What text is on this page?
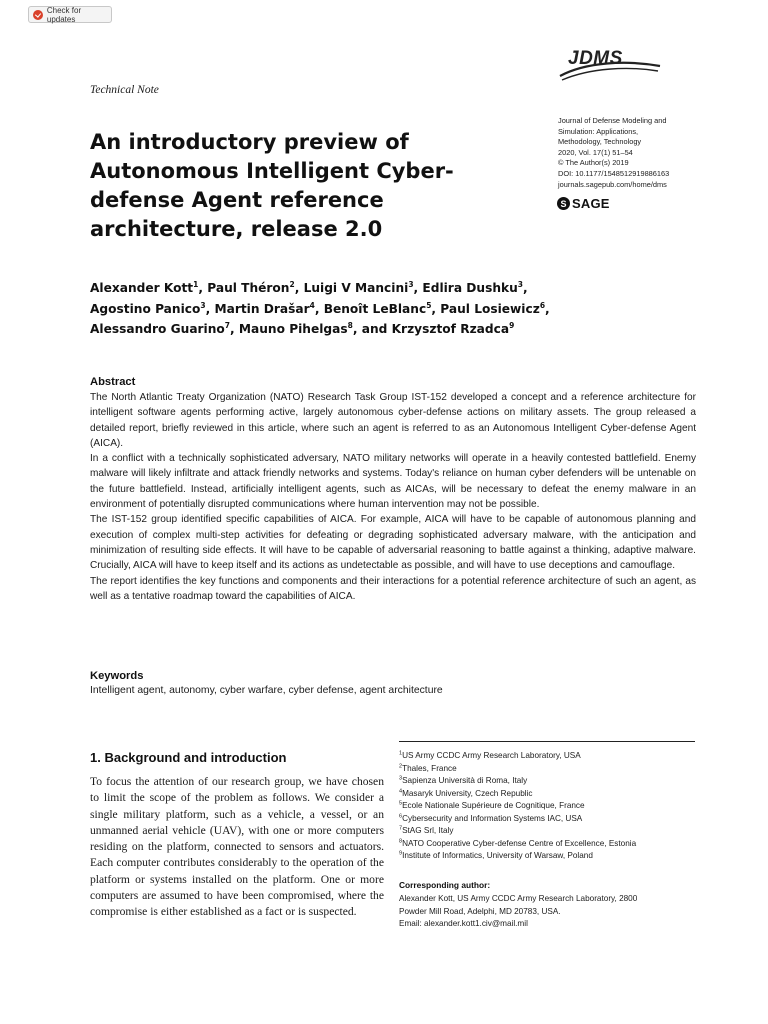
Check for updates
JDMS
Technical Note
An introductory preview of Autonomous Intelligent Cyber-defense Agent reference architecture, release 2.0
Journal of Defense Modeling and
Simulation: Applications,
Methodology, Technology
2020, Vol. 17(1) 51–54
© The Author(s) 2019
DOI: 10.1177/1548512919886163
journals.sagepub.com/home/dms
S SAGE
Alexander Kott$^1$, Paul Théron$^2$, Luigi V Mancini$^3$, Edlira Dushku$^3$,
Agostino Panico$^3$, Martin Drašar$^4$, Benoît LeBlanc$^5$, Paul Losiewicz$^6$,
Alessandro Guarino$^7$, Mauno Pihelgas$^8$, and Krzysztof Rzadca$^9$
Abstract

The North Atlantic Treaty Organization (NATO) Research Task Group IST-152 developed a concept and a reference architecture for intelligent software agents performing active, largely autonomous cyber-defense actions on military assets. The group released a detailed report, briefly reviewed in this article, where such an agent is referred to as an Autonomous Intelligent Cyber-defense Agent (AICA).

In a conflict with a technically sophisticated adversary, NATO military networks will operate in a heavily contested battlefield. Enemy malware will likely infiltrate and attack friendly networks and systems. Today's reliance on human cyber defenders will be untenable on the future battlefield. Instead, artificially intelligent agents, such as AICAs, will be necessary to defeat the enemy malware in an environment of potentially disrupted communications where human intervention may not be possible.

The IST-152 group identified specific capabilities of AICA. For example, AICA will have to be capable of autonomous planning and execution of complex multi-step activities for defeating or degrading sophisticated adversary malware, with the anticipation and minimization of resulting side effects. It will have to be capable of adversarial reasoning to battle against a thinking, adaptive malware. Crucially, AICA will have to keep itself and its actions as undetectable as possible, and will have to use deceptions and camouflage.

The report identifies the key functions and components and their interactions for a potential reference architecture of such an agent, as well as a tentative roadmap toward the capabilities of AICA.

Keywords
Intelligent agent, autonomy, cyber warfare, cyber defense, agent architecture
1. Background and introduction
To focus the attention of our research group, we have chosen to limit the scope of the problem as follows. We consider a single military platform, such as a vehicle, a vessel, or an unmanned aerial vehicle (UAV), with one or more computers residing on the platform, connected to sensors and actuators. Each computer contributes considerably to the operation of the platform or systems installed on the platform. One or more computers are assumed to have been compromised, where the compromise is either established as a fact or is suspected.
$^1$US Army CCDC Army Research Laboratory, USA
$^2$Thales, France
$^3$Sapienza Università di Roma, Italy
$^4$Masaryk University, Czech Republic
$^5$Ecole Nationale Supérieure de Cognitique, France
$^6$Cybersecurity and Information Systems IAC, USA
$^7$StAG Srl, Italy
$^8$NATO Cooperative Cyber-defense Centre of Excellence, Estonia
$^9$Institute of Informatics, University of Warsaw, Poland
Corresponding author:
Alexander Kott, US Army CCDC Army Research Laboratory, 2800
Powder Mill Road, Adelphi, MD 20783, USA.
Email: alexander.kott1.civ@mail.mil
